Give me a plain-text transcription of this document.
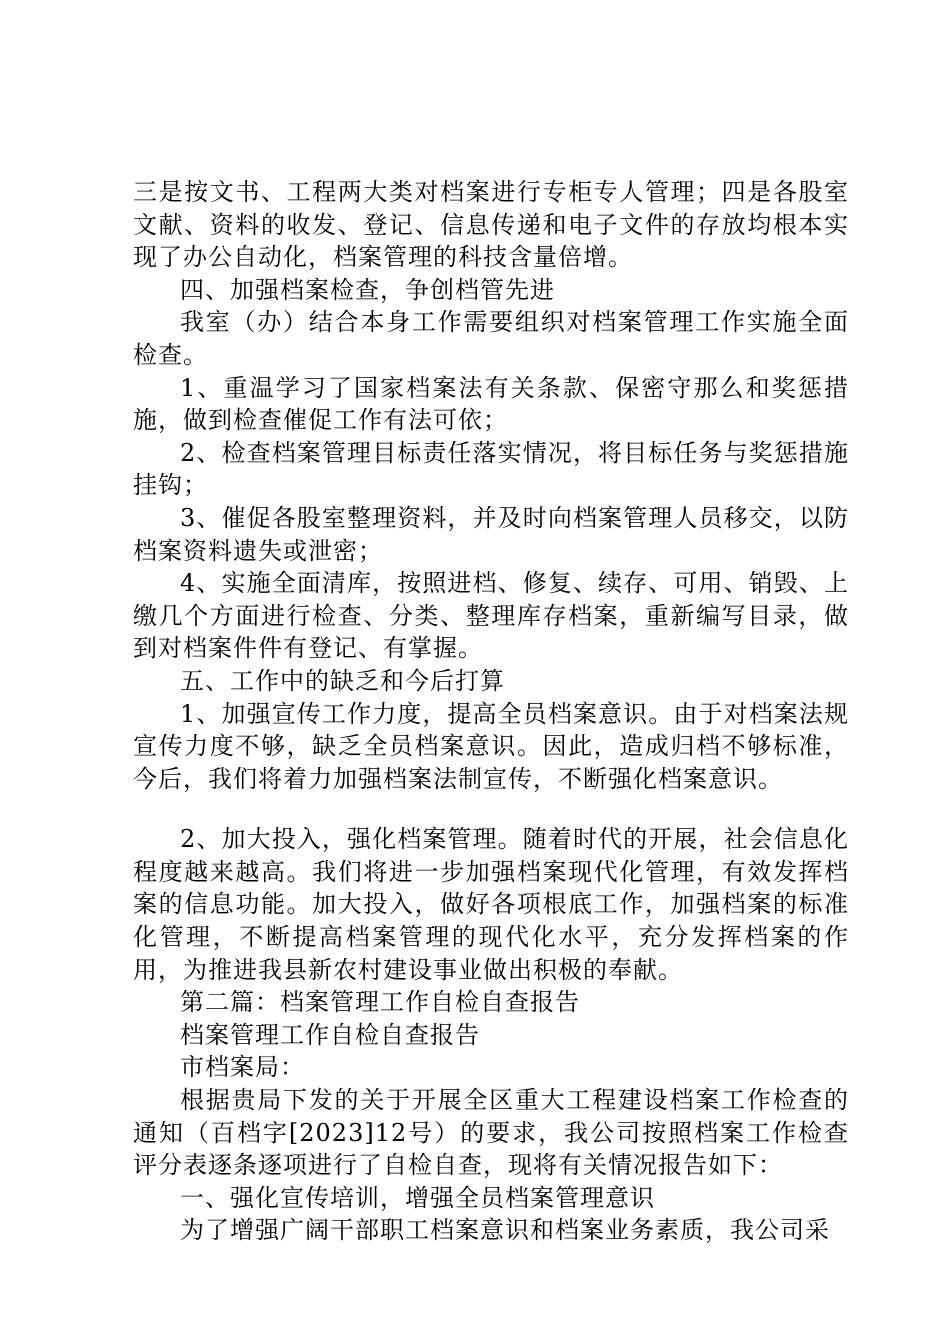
三是按文书、工程两大类对档案进行专柜专人管理；四是各股室文献、资料的收发、登记、信息传递和电子文件的存放均根本实现了办公自动化，档案管理的科技含量倍增。

四、加强档案检查，争创档管先进

我室（办）结合本身工作需要组织对档案管理工作实施全面检查。

1、重温学习了国家档案法有关条款、保密守那么和奖惩措施，做到检查催促工作有法可依；

2、检查档案管理目标责任落实情况，将目标任务与奖惩措施挂钩；

3、催促各股室整理资料，并及时向档案管理人员移交，以防档案资料遗失或泄密；

4、实施全面清库，按照进档、修复、续存、可用、销毁、上缴几个方面进行检查、分类、整理库存档案，重新编写目录，做到对档案件件有登记、有掌握。

五、工作中的缺乏和今后打算

1、加强宣传工作力度，提高全员档案意识。由于对档案法规宣传力度不够，缺乏全员档案意识。因此，造成归档不够标准，今后，我们将着力加强档案法制宣传，不断强化档案意识。

2、加大投入，强化档案管理。随着时代的开展，社会信息化程度越来越高。我们将进一步加强档案现代化管理，有效发挥档案的信息功能。加大投入，做好各项根底工作，加强档案的标准化管理，不断提高档案管理的现代化水平，充分发挥档案的作用，为推进我县新农村建设事业做出积极的奉献。

第二篇：档案管理工作自检自查报告

档案管理工作自检自查报告

市档案局：

根据贵局下发的关于开展全区重大工程建设档案工作检查的通知（百档字[2023]12号）的要求，我公司按照档案工作检查评分表逐条逐项进行了自检自查，现将有关情况报告如下：

一、强化宣传培训，增强全员档案管理意识

为了增强广阔干部职工档案意识和档案业务素质，我公司采
